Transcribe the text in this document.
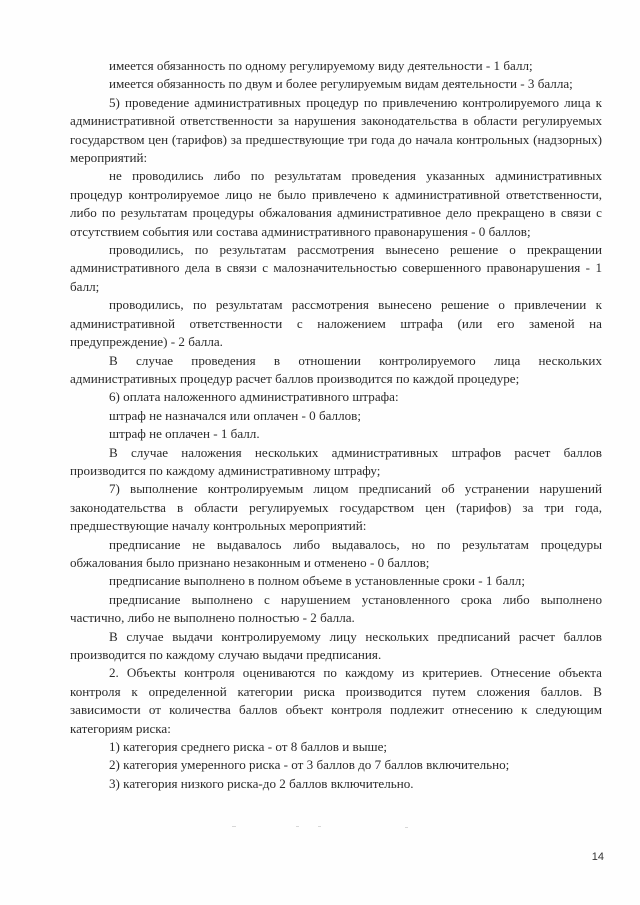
имеется обязанность по одному регулируемому виду деятельности - 1 балл;

имеется обязанность по двум и более регулируемым видам деятельности - 3 балла;

5) проведение административных процедур по привлечению контролируемого лица к административной ответственности за нарушения законодательства в области регулируемых государством цен (тарифов) за предшествующие три года до начала контрольных (надзорных) мероприятий:

не проводились либо по результатам проведения указанных административных процедур контролируемое лицо не было привлечено к административной ответственности, либо по результатам процедуры обжалования административное дело прекращено в связи с отсутствием события или состава административного правонарушения - 0 баллов;

проводились, по результатам рассмотрения вынесено решение о прекращении административного дела в связи с малозначительностью совершенного правонарушения - 1 балл;

проводились, по результатам рассмотрения вынесено решение о привлечении к административной ответственности с наложением штрафа (или его заменой на предупреждение) - 2 балла.

В случае проведения в отношении контролируемого лица нескольких административных процедур расчет баллов производится по каждой процедуре;

6) оплата наложенного административного штрафа:

штраф не назначался или оплачен - 0 баллов;

штраф не оплачен - 1 балл.

В случае наложения нескольких административных штрафов расчет баллов производится по каждому административному штрафу;

7) выполнение контролируемым лицом предписаний об устранении нарушений законодательства в области регулируемых государством цен (тарифов) за три года, предшествующие началу контрольных мероприятий:

предписание не выдавалось либо выдавалось, но по результатам процедуры обжалования было признано незаконным и отменено - 0 баллов;

предписание выполнено в полном объеме в установленные сроки - 1 балл;

предписание выполнено с нарушением установленного срока либо выполнено частично, либо не выполнено полностью - 2 балла.

В случае выдачи контролируемому лицу нескольких предписаний расчет баллов производится по каждому случаю выдачи предписания.

2. Объекты контроля оцениваются по каждому из критериев. Отнесение объекта контроля к определенной категории риска производится путем сложения баллов. В зависимости от количества баллов объект контроля подлежит отнесению к следующим категориям риска:

1) категория среднего риска - от 8 баллов и выше;

2) категория умеренного риска - от 3 баллов до 7 баллов включительно;

3) категория низкого риска-до 2 баллов включительно.

14
